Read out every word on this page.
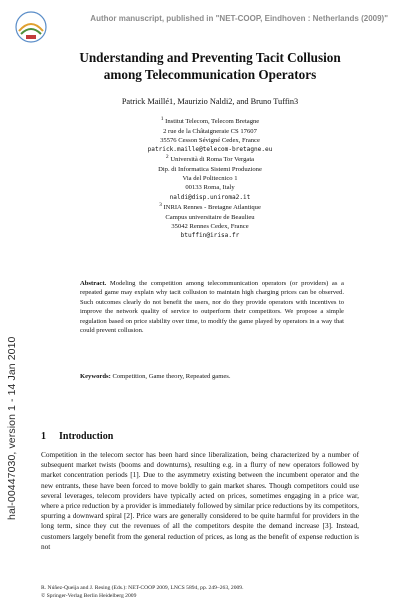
Author manuscript, published in "NET-COOP, Eindhoven : Netherlands (2009)"
hal-00447030, version 1 - 14 Jan 2010
Understanding and Preventing Tacit Collusion
among Telecommunication Operators
Patrick Maillé1, Maurizio Naldi2, and Bruno Tuffin3
$^1$ Institut Telecom, Telecom Bretagne
2 rue de la Châtaigneraie CS 17607
35576 Cesson Sévigné Cedex, France
patrick.maille@telecom-bretagne.eu
$^2$ Università di Roma Tor Vergata
Dip. di Informatica Sistemi Produzione
Via del Politecnico 1
00133 Roma, Italy
naldi@disp.uniroma2.it
$^3$ INRIA Rennes - Bretagne Atlantique
Campus universitaire de Beaulieu
35042 Rennes Cedex, France
btuffin@irisa.fr
Abstract. Modeling the competition among telecommunication operators (or providers) as a repeated game may explain why tacit collusion to maintain high charging prices can be observed. Such outcomes clearly do not benefit the users, nor do they provide operators with incentives to improve the network quality of service to outperform their competitors. We propose a simple regulation based on price stability over time, to modify the game played by operators in a way that could prevent collusion.
Keywords: Competition, Game theory, Repeated games.
1 Introduction
Competition in the telecom sector has been hard since liberalization, being characterized by a number of subsequent market twists (booms and downturns), resulting e.g. in a flurry of new operators followed by market concentration periods [1]. Due to the asymmetry existing between the incumbent operator and the new entrants, these have been forced to move boldly to gain market shares. Though competitors could use several leverages, telecom providers have typically acted on prices, sometimes engaging in a price war, where a price reduction by a provider is immediately followed by similar price reductions by its competitors, spurring a downward spiral [2]. Price wars are generally considered to be quite harmful for providers in the long term, since they cut the revenues of all the competitors despite the demand increase [3]. Instead, customers largely benefit from the general reduction of prices, as long as the benefit of expense reduction is not
R. Núñez-Queija and J. Resing (Eds.): NET-COOP 2009, LNCS 5894, pp. 249–263, 2009.
© Springer-Verlag Berlin Heidelberg 2009
